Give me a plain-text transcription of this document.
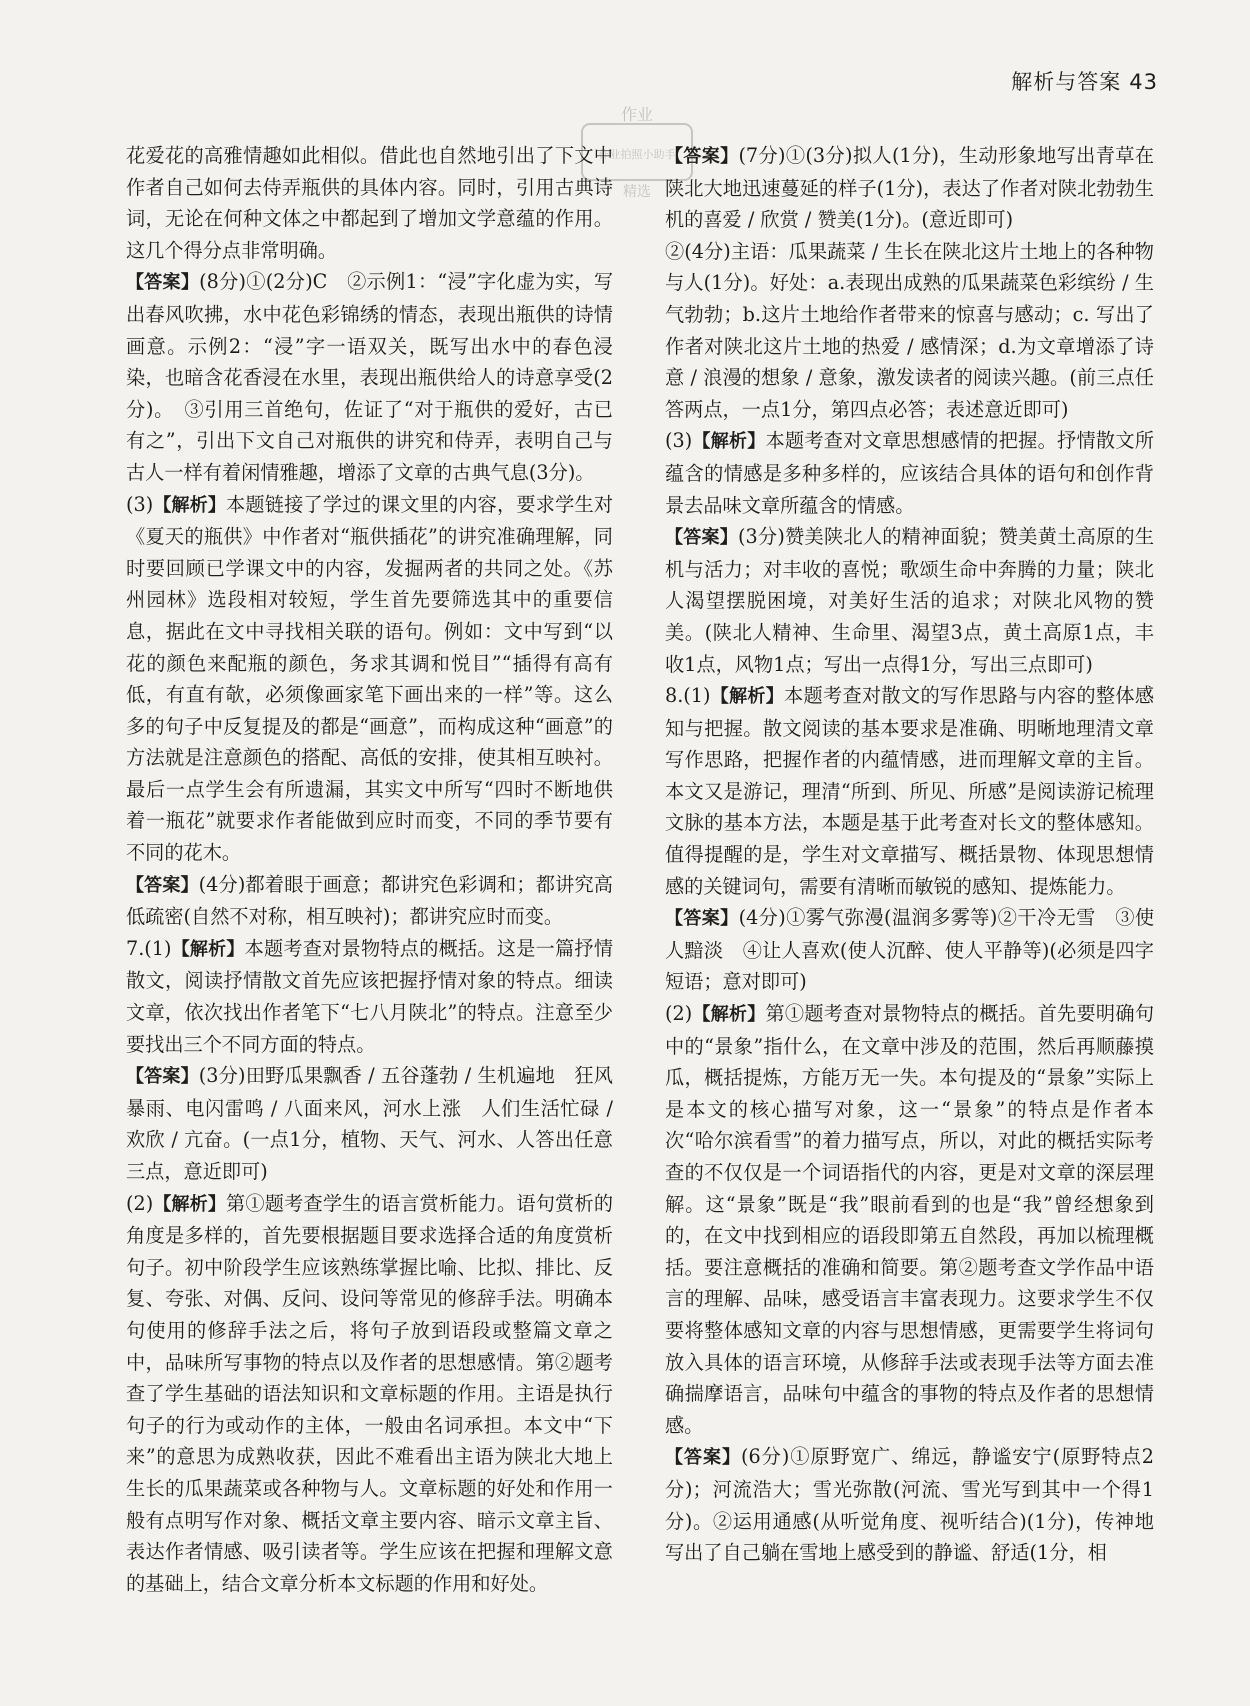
解析与答案 43
作业
作业拍照小助手
精选

花爱花的高雅情趣如此相似。借此也自然地引出了下文中作者自己如何去侍弄瓶供的具体内容。同时，引用古典诗词，无论在何种文体之中都起到了增加文学意蕴的作用。这几个得分点非常明确。

【答案】(8分)①(2分)C　②示例1：“浸”字化虚为实，写出春风吹拂，水中花色彩锦绣的情态，表现出瓶供的诗情画意。示例2：“浸”字一语双关，既写出水中的春色浸染，也暗含花香浸在水里，表现出瓶供给人的诗意享受(2分)。　③引用三首绝句，佐证了“对于瓶供的爱好，古已有之”，引出下文自己对瓶供的讲究和侍弄，表明自己与古人一样有着闲情雅趣，增添了文章的古典气息(3分)。

(3)【解析】本题链接了学过的课文里的内容，要求学生对《夏天的瓶供》中作者对“瓶供插花”的讲究准确理解，同时要回顾已学课文中的内容，发掘两者的共同之处。《苏州园林》选段相对较短，学生首先要筛选其中的重要信息，据此在文中寻找相关联的语句。例如：文中写到“以花的颜色来配瓶的颜色，务求其调和悦目”“插得有高有低，有直有欹，必须像画家笔下画出来的一样”等。这么多的句子中反复提及的都是“画意”，而构成这种“画意”的方法就是注意颜色的搭配、高低的安排，使其相互映衬。最后一点学生会有所遗漏，其实文中所写“四时不断地供着一瓶花”就要求作者能做到应时而变，不同的季节要有不同的花木。

【答案】(4分)都着眼于画意；都讲究色彩调和；都讲究高低疏密(自然不对称，相互映衬)；都讲究应时而变。

7.(1)【解析】本题考查对景物特点的概括。这是一篇抒情散文，阅读抒情散文首先应该把握抒情对象的特点。细读文章，依次找出作者笔下“七八月陕北”的特点。注意至少要找出三个不同方面的特点。

【答案】(3分)田野瓜果飘香 / 五谷蓬勃 / 生机遍地　狂风暴雨、电闪雷鸣 / 八面来风，河水上涨　人们生活忙碌 / 欢欣 / 亢奋。(一点1分，植物、天气、河水、人答出任意三点，意近即可)

(2)【解析】第①题考查学生的语言赏析能力。语句赏析的角度是多样的，首先要根据题目要求选择合适的角度赏析句子。初中阶段学生应该熟练掌握比喻、比拟、排比、反复、夸张、对偶、反问、设问等常见的修辞手法。明确本句使用的修辞手法之后，将句子放到语段或整篇文章之中，品味所写事物的特点以及作者的思想感情。第②题考查了学生基础的语法知识和文章标题的作用。主语是执行句子的行为或动作的主体，一般由名词承担。本文中“下来”的意思为成熟收获，因此不难看出主语为陕北大地上生长的瓜果蔬菜或各种物与人。文章标题的好处和作用一般有点明写作对象、概括文章主要内容、暗示文章主旨、表达作者情感、吸引读者等。学生应该在把握和理解文意的基础上，结合文章分析本文标题的作用和好处。

【答案】(7分)①(3分)拟人(1分)，生动形象地写出青草在陕北大地迅速蔓延的样子(1分)，表达了作者对陕北勃勃生机的喜爱 / 欣赏 / 赞美(1分)。(意近即可)

②(4分)主语：瓜果蔬菜 / 生长在陕北这片土地上的各种物与人(1分)。好处：a.表现出成熟的瓜果蔬菜色彩缤纷 / 生气勃勃；b.这片土地给作者带来的惊喜与感动；c. 写出了作者对陕北这片土地的热爱 / 感情深；d.为文章增添了诗意 / 浪漫的想象 / 意象，激发读者的阅读兴趣。(前三点任答两点，一点1分，第四点必答；表述意近即可)

(3)【解析】本题考查对文章思想感情的把握。抒情散文所蕴含的情感是多种多样的，应该结合具体的语句和创作背景去品味文章所蕴含的情感。

【答案】(3分)赞美陕北人的精神面貌；赞美黄土高原的生机与活力；对丰收的喜悦；歌颂生命中奔腾的力量；陕北人渴望摆脱困境，对美好生活的追求；对陕北风物的赞美。(陕北人精神、生命里、渴望3点，黄土高原1点，丰收1点，风物1点；写出一点得1分，写出三点即可)

8.(1)【解析】本题考查对散文的写作思路与内容的整体感知与把握。散文阅读的基本要求是准确、明晰地理清文章写作思路，把握作者的内蕴情感，进而理解文章的主旨。本文又是游记，理清“所到、所见、所感”是阅读游记梳理文脉的基本方法，本题是基于此考查对长文的整体感知。值得提醒的是，学生对文章描写、概括景物、体现思想情感的关键词句，需要有清晰而敏锐的感知、提炼能力。

【答案】(4分)①雾气弥漫(温润多雾等)②干冷无雪　③使人黯淡　④让人喜欢(使人沉醉、使人平静等)(必须是四字短语；意对即可)

(2)【解析】第①题考查对景物特点的概括。首先要明确句中的“景象”指什么，在文章中涉及的范围，然后再顺藤摸瓜，概括提炼，方能万无一失。本句提及的“景象”实际上是本文的核心描写对象，这一“景象”的特点是作者本次“哈尔滨看雪”的着力描写点，所以，对此的概括实际考查的不仅仅是一个词语指代的内容，更是对文章的深层理解。这“景象”既是“我”眼前看到的也是“我”曾经想象到的，在文中找到相应的语段即第五自然段，再加以梳理概括。要注意概括的准确和简要。第②题考查文学作品中语言的理解、品味，感受语言丰富表现力。这要求学生不仅要将整体感知文章的内容与思想情感，更需要学生将词句放入具体的语言环境，从修辞手法或表现手法等方面去准确揣摩语言，品味句中蕴含的事物的特点及作者的思想情感。

【答案】(6分)①原野宽广、绵远，静谧安宁(原野特点2分)；河流浩大；雪光弥散(河流、雪光写到其中一个得1分)。②运用通感(从听觉角度、视听结合)(1分)，传神地写出了自己躺在雪地上感受到的静谧、舒适(1分，相
